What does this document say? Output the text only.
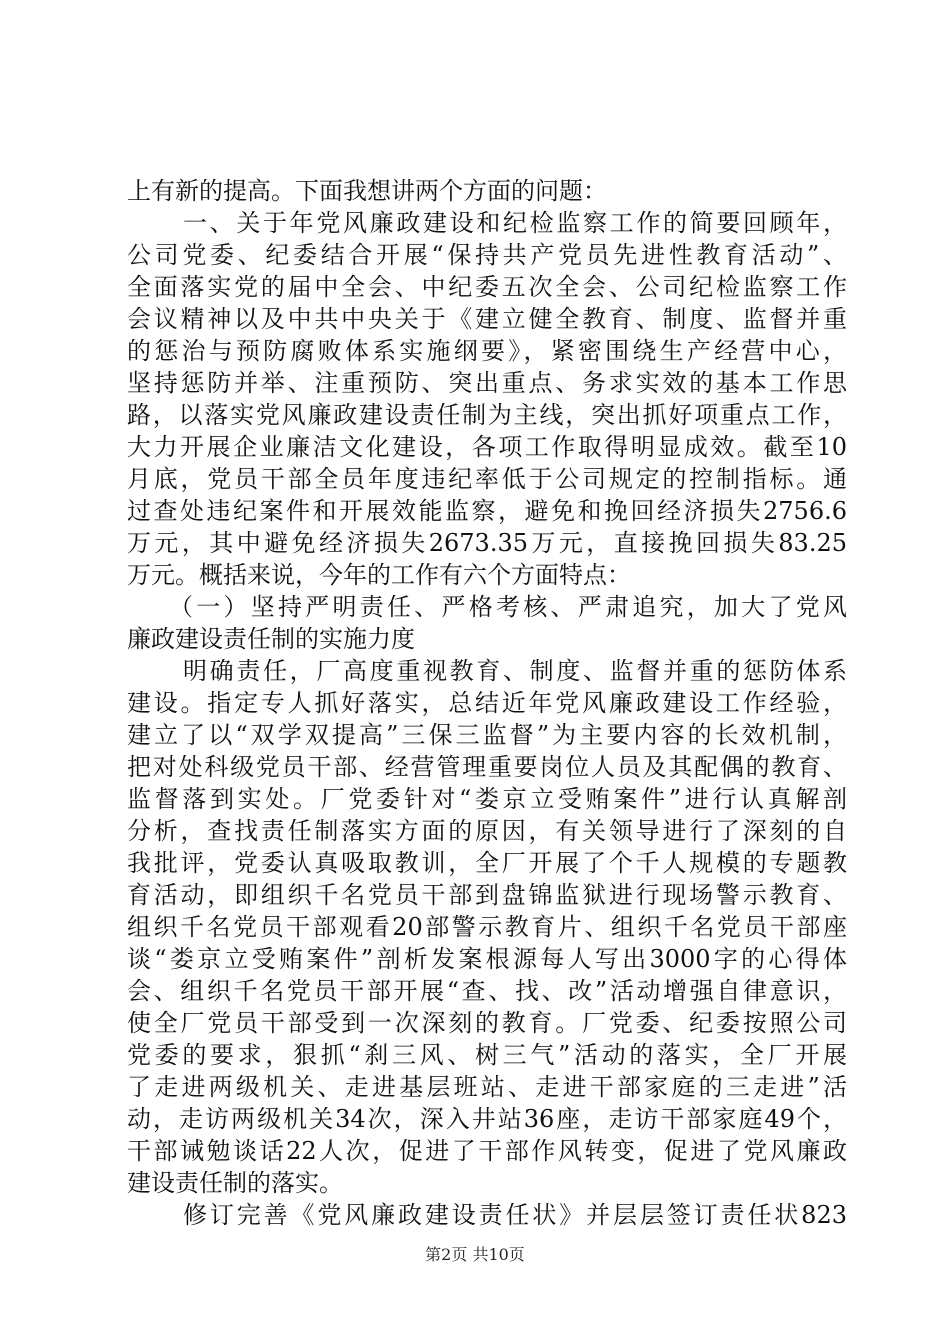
上有新的提高。下面我想讲两个方面的问题：
一、关于年党风廉政建设和纪检监察工作的简要回顾年，
公司党委、纪委结合开展“保持共产党员先进性教育活动”、
全面落实党的届中全会、中纪委五次全会、公司纪检监察工作
会议精神以及中共中央关于《建立健全教育、制度、监督并重
的惩治与预防腐败体系实施纲要》，紧密围绕生产经营中心，
坚持惩防并举、注重预防、突出重点、务求实效的基本工作思
路，以落实党风廉政建设责任制为主线，突出抓好项重点工作，
大力开展企业廉洁文化建设，各项工作取得明显成效。截至10
月底，党员干部全员年度违纪率低于公司规定的控制指标。通
过查处违纪案件和开展效能监察，避免和挽回经济损失2756.6
万元，其中避免经济损失2673.35万元，直接挽回损失83.25
万元。概括来说，今年的工作有六个方面特点：
（一）坚持严明责任、严格考核、严肃追究，加大了党风
廉政建设责任制的实施力度
明确责任，厂高度重视教育、制度、监督并重的惩防体系
建设。指定专人抓好落实，总结近年党风廉政建设工作经验，
建立了以“双学双提高”三保三监督”为主要内容的长效机制，
把对处科级党员干部、经营管理重要岗位人员及其配偶的教育、
监督落到实处。厂党委针对“娄京立受贿案件”进行认真解剖
分析，查找责任制落实方面的原因，有关领导进行了深刻的自
我批评，党委认真吸取教训，全厂开展了个千人规模的专题教
育活动，即组织千名党员干部到盘锦监狱进行现场警示教育、
组织千名党员干部观看20部警示教育片、组织千名党员干部座
谈“娄京立受贿案件”剖析发案根源每人写出3000字的心得体
会、组织千名党员干部开展“查、找、改”活动增强自律意识，
使全厂党员干部受到一次深刻的教育。厂党委、纪委按照公司
党委的要求，狠抓“刹三风、树三气”活动的落实，全厂开展
了走进两级机关、走进基层班站、走进干部家庭的三走进”活
动，走访两级机关34次，深入井站36座，走访干部家庭49个，
干部诫勉谈话22人次，促进了干部作风转变，促进了党风廉政
建设责任制的落实。
修订完善《党风廉政建设责任状》并层层签订责任状823
第2页 共10页
